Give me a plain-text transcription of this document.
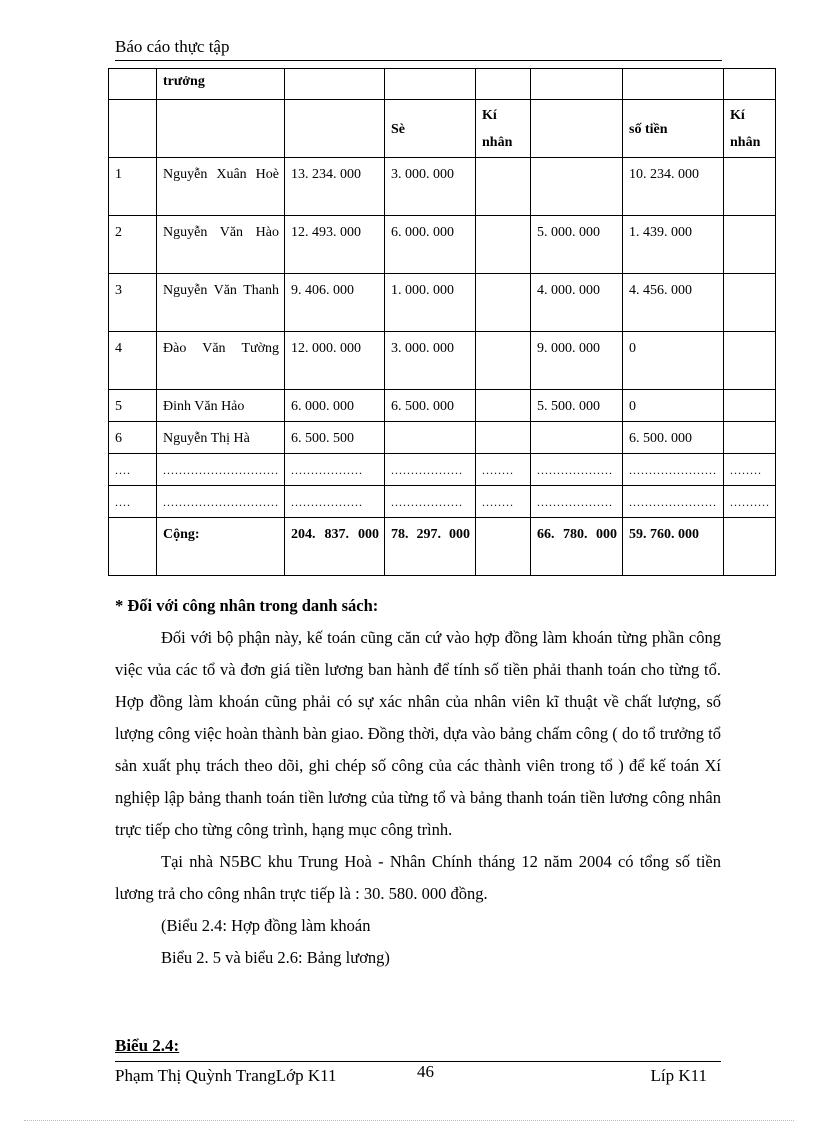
Báo cáo thực tập
	trưởng						
			Sè	Kí nhân		số tiền	Kí nhân
1	Nguyễn Xuân Hoè	13. 234. 000	3. 000. 000			10. 234. 000	
2	Nguyễn Văn Hào	12. 493. 000	6. 000. 000		5. 000. 000	1. 439. 000	
3	Nguyễn Văn Thanh	9. 406. 000	1. 000. 000		4. 000. 000	4. 456. 000	
4	Đào Văn Tường	12. 000. 000	3. 000. 000		9. 000. 000	0	
5	Đinh Văn Hảo	6. 000. 000	6. 500. 000		5. 500. 000	0	
6	Nguyễn Thị Hà	6. 500. 500				6. 500. 000	
....	.............................	..................	..................	........	...................	......................	........
....	.............................	..................	..................	........	...................	......................	..........
	Cộng:	204. 837. 000	78. 297. 000		66. 780. 000	59. 760. 000	

* Đối với công nhân trong danh sách:

Đối với bộ phận này, kế toán cũng căn cứ vào hợp đồng làm khoán từng phần công việc vủa các tổ và đơn giá tiền lương ban hành để tính số tiền phải thanh toán cho từng tổ. Hợp đồng làm khoán cũng phải có sự xác nhân của nhân viên kĩ thuật về chất lượng, số lượng công việc hoàn thành bàn giao. Đồng thời, dựa vào bảng chấm công ( do tổ trưởng tổ sản xuất phụ trách theo dõi, ghi chép số công của các thành viên trong tổ ) để kế toán Xí nghiệp lập bảng thanh toán tiền lương của từng tổ và bảng thanh toán tiền lương công nhân trực tiếp cho từng công trình, hạng mục công trình.

Tại nhà N5BC khu Trung Hoà - Nhân Chính tháng 12 năm 2004 có tổng số tiền lương trả cho công nhân trực tiếp là : 30. 580. 000 đồng.

(Biểu 2.4: Hợp đồng làm khoán

Biểu 2. 5 và biểu 2.6: Bảng lương)

Biểu 2.4:
Phạm Thị Quỳnh TrangLớp K11	46	Líp K11
